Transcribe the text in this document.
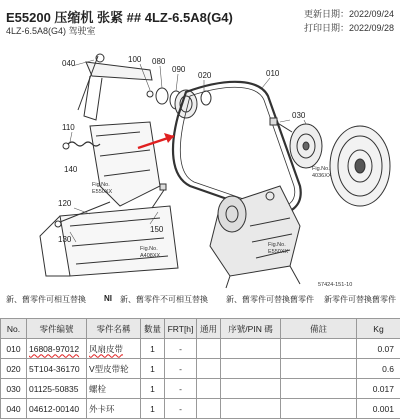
E55200 压缩机 张紧 ## 4LZ-6.5A8(G4)
4LZ-6.5A8(G4) 驾驶室
更新日期：2022/09/24
打印日期：2022/09/28
040	100 080
090
020	010
030
110
120
130
150
140
Fig.No.
E550XX
Fig.No.
4036XX
Fig.No.
E550XX
Fig.No.
A408XX
57424-151-10
新、舊零件可相互替換 NI 新、舊零件不可相互替換 新、舊零件可替換舊零件 新零件可替換舊零件
No.	零件编號	零件名稱	數量	FRT[h]	通用	序號/PIN 碼	備註	Kg
010	16808-97012	风扇皮带	1	-				0.07
020	5T104-36170	V型皮带轮	1	-				0.6
030	01125-50835	螺栓	1	-				0.017
040	04612-00140	外卡环	1	-				0.001
